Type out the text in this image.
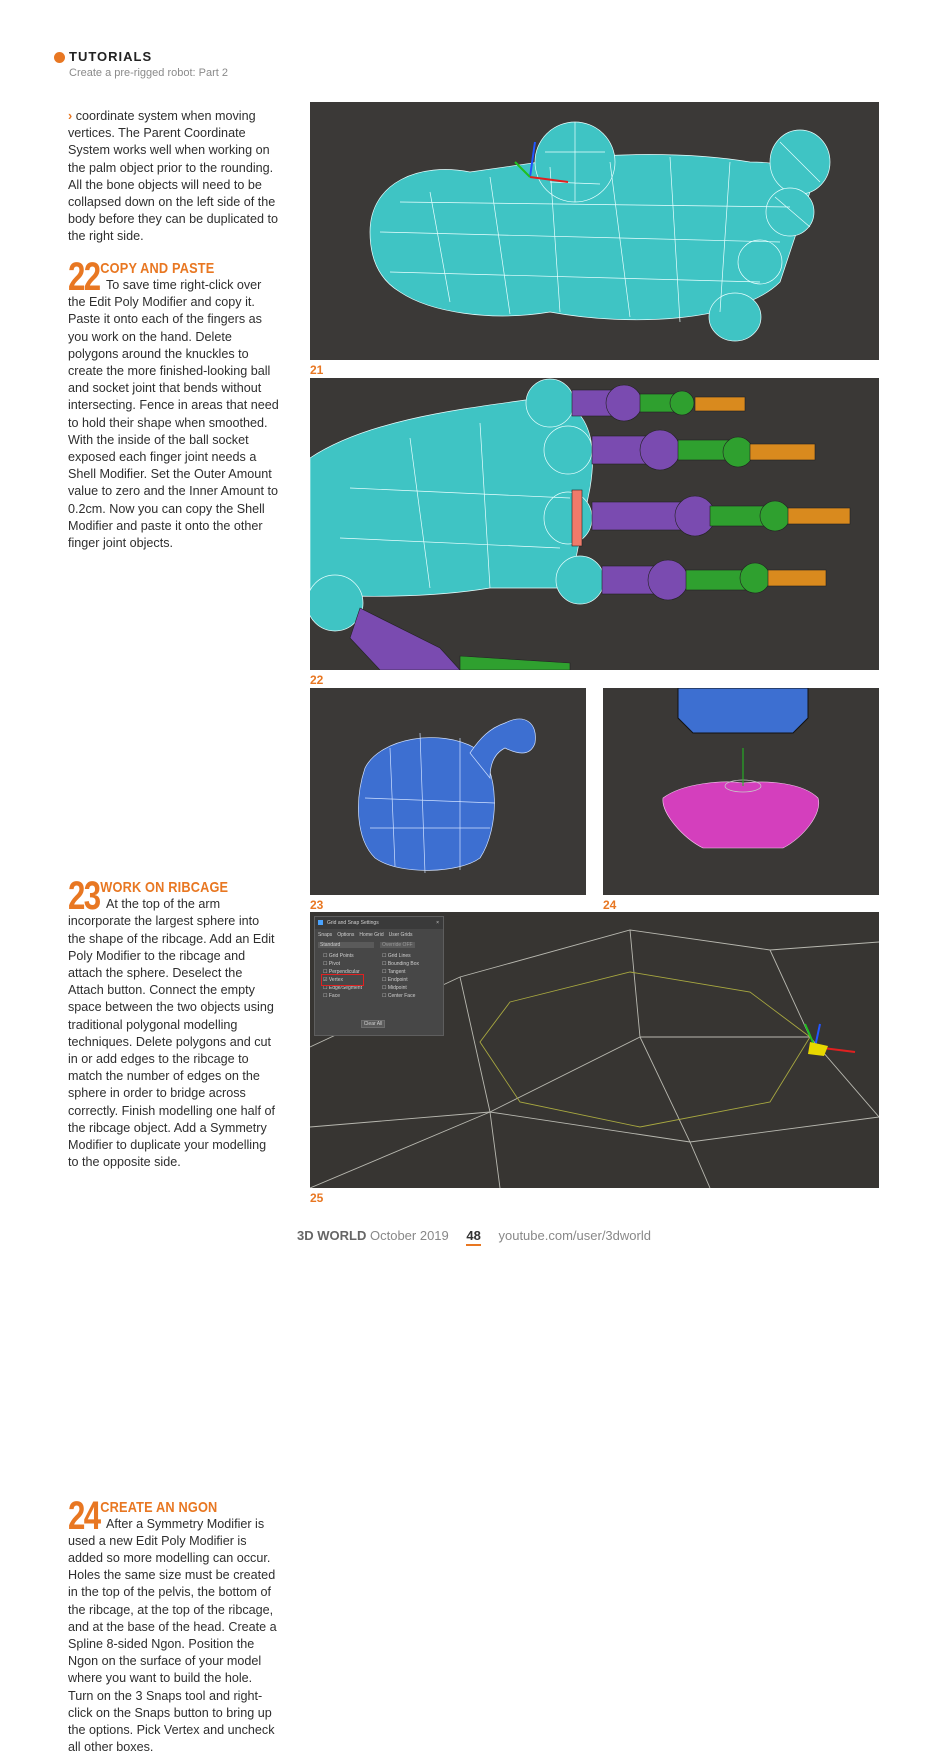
TUTORIALS
Create a pre-rigged robot: Part 2

› coordinate system when moving vertices. The Parent Coordinate System works well when working on the palm object prior to the rounding. All the bone objects will need to be collapsed down on the left side of the body before they can be duplicated to the right side.

22 COPY AND PASTE
To save time right-click over the Edit Poly Modifier and copy it. Paste it onto each of the fingers as you work on the hand. Delete polygons around the knuckles to create the more finished-looking ball and socket joint that bends without intersecting. Fence in areas that need to hold their shape when smoothed. With the inside of the ball socket exposed each finger joint needs a Shell Modifier. Set the Outer Amount value to zero and the Inner Amount to 0.2cm. Now you can copy the Shell Modifier and paste it onto the other finger joint objects.
23 WORK ON RIBCAGE
At the top of the arm incorporate the largest sphere into the shape of the ribcage. Add an Edit Poly Modifier to the ribcage and attach the sphere. Deselect the Attach button. Connect the empty space between the two objects using traditional polygonal modelling techniques. Delete polygons and cut in or add edges to the ribcage to match the number of edges on the sphere in order to bridge across correctly. Finish modelling one half of the ribcage object. Add a Symmetry Modifier to duplicate your modelling to the opposite side.
24 CREATE AN NGON
After a Symmetry Modifier is used a new Edit Poly Modifier is added so more modelling can occur. Holes the same size must be created in the top of the pelvis, the bottom of the ribcage, at the top of the ribcage, and at the base of the head. Create a Spline 8-sided Ngon. Position the Ngon on the surface of your model where you want to build the hole. Turn on the 3 Snaps tool and right-click on the Snaps button to bring up the options. Pick Vertex and uncheck all other boxes.
21
22
23	24
Grid and Snap Settings	×
Snaps Options Home Grid User Grids
Standard	Override OFF
☐ Grid Points
☐ Pivot
☐ Perpendicular
☑ Vertex
☐ Edge/Segment
☐ Face
☐ Grid Lines
☐ Bounding Box
☐ Tangent
☐ Endpoint
☐ Midpoint
☐ Center Face
Clear All
25
3D WORLD October 2019 48 youtube.com/user/3dworld
